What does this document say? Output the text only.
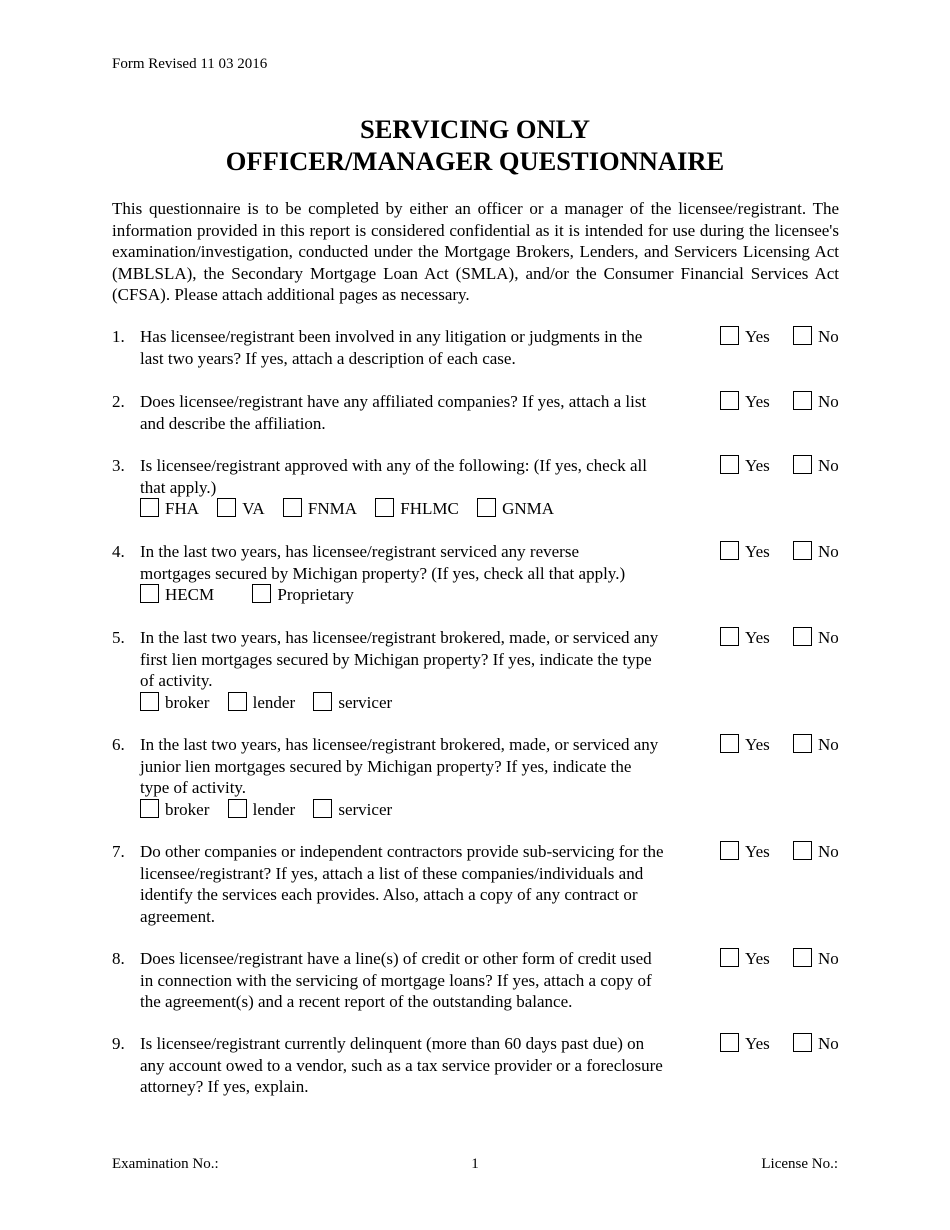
Form Revised 11 03 2016
SERVICING ONLY
OFFICER/MANAGER QUESTIONNAIRE
This questionnaire is to be completed by either an officer or a manager of the licensee/registrant. The information provided in this report is considered confidential as it is intended for use during the licensee's examination/investigation, conducted under the Mortgage Brokers, Lenders, and Servicers Licensing Act (MBLSLA), the Secondary Mortgage Loan Act (SMLA), and/or the Consumer Financial Services Act (CFSA). Please attach additional pages as necessary.
1. Has licensee/registrant been involved in any litigation or judgments in the
last two years? If yes, attach a description of each case.
Yes	No
2. Does licensee/registrant have any affiliated companies? If yes, attach a list
and describe the affiliation.
Yes	No
3. Is licensee/registrant approved with any of the following: (If yes, check all
that apply.)
FHA	VA	FNMA	FHLMC	GNMA
Yes	No
4. In the last two years, has licensee/registrant serviced any reverse
mortgages secured by Michigan property? (If yes, check all that apply.)
HECM	Proprietary
Yes	No
5. In the last two years, has licensee/registrant brokered, made, or serviced any
first lien mortgages secured by Michigan property? If yes, indicate the type
of activity.
broker	lender	servicer
Yes	No
6. In the last two years, has licensee/registrant brokered, made, or serviced any
junior lien mortgages secured by Michigan property? If yes, indicate the
type of activity.
broker	lender	servicer
Yes	No
7. Do other companies or independent contractors provide sub-servicing for the
licensee/registrant? If yes, attach a list of these companies/individuals and
identify the services each provides. Also, attach a copy of any contract or
agreement.
Yes	No
8. Does licensee/registrant have a line(s) of credit or other form of credit used
in connection with the servicing of mortgage loans? If yes, attach a copy of
the agreement(s) and a recent report of the outstanding balance.
Yes	No
9. Is licensee/registrant currently delinquent (more than 60 days past due) on
any account owed to a vendor, such as a tax service provider or a foreclosure
attorney? If yes, explain.
Yes	No
Examination No.:	1	License No.:
